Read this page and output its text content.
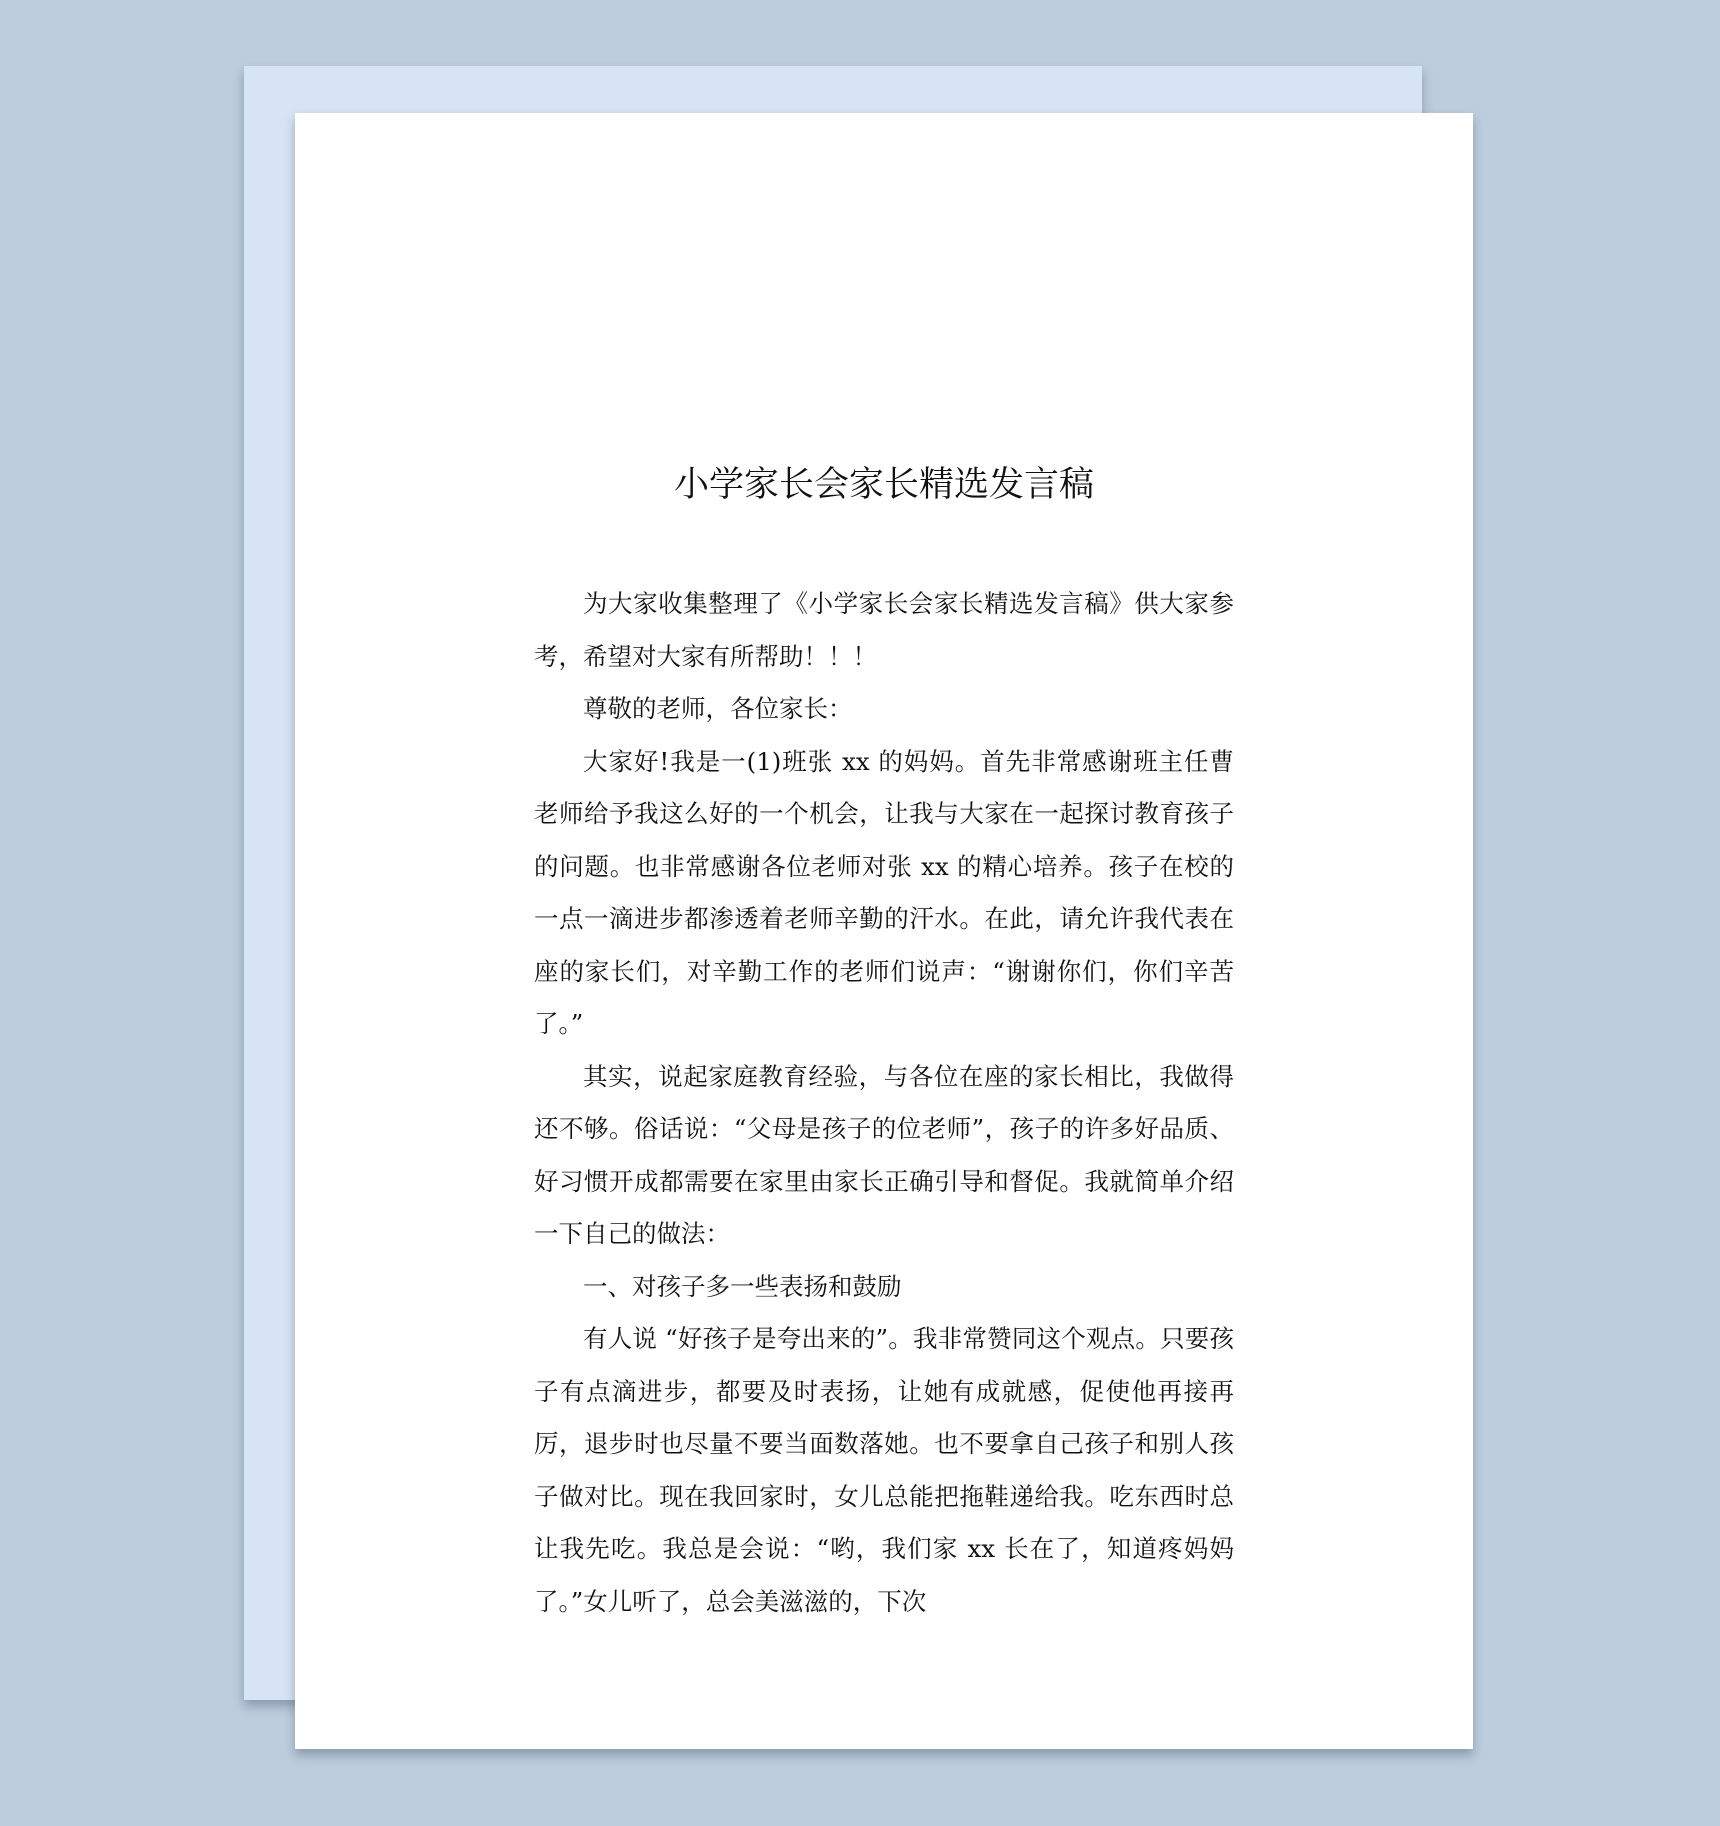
小学家长会家长精选发言稿

为大家收集整理了《小学家长会家长精选发言稿》供大家参考，希望对大家有所帮助！！！

尊敬的老师，各位家长：

大家好!我是一(1)班张 xx 的妈妈。首先非常感谢班主任曹老师给予我这么好的一个机会，让我与大家在一起探讨教育孩子的问题。也非常感谢各位老师对张 xx 的精心培养。孩子在校的一点一滴进步都渗透着老师辛勤的汗水。在此，请允许我代表在座的家长们，对辛勤工作的老师们说声：“谢谢你们，你们辛苦了。”

其实，说起家庭教育经验，与各位在座的家长相比，我做得还不够。俗话说：“父母是孩子的位老师”，孩子的许多好品质、好习惯开成都需要在家里由家长正确引导和督促。我就简单介绍一下自己的做法：

一、对孩子多一些表扬和鼓励

有人说 “好孩子是夸出来的”。我非常赞同这个观点。只要孩子有点滴进步，都要及时表扬，让她有成就感，促使他再接再厉，退步时也尽量不要当面数落她。也不要拿自己孩子和别人孩子做对比。现在我回家时，女儿总能把拖鞋递给我。吃东西时总让我先吃。我总是会说：“哟，我们家 xx 长在了，知道疼妈妈了。”女儿听了，总会美滋滋的，下次
